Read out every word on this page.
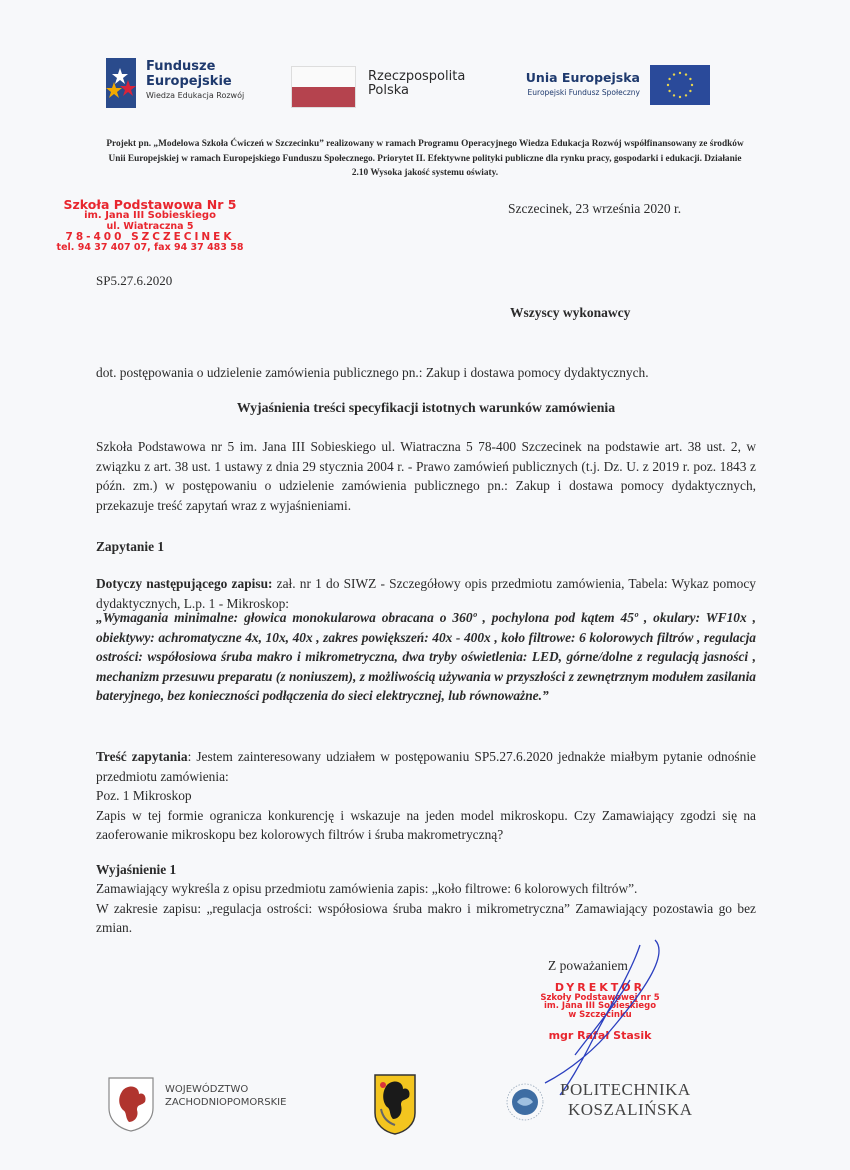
Fundusze
Europejskie
Wiedza Edukacja Rozwój
Rzeczpospolita
Polska
Unia Europejska
Europejski Fundusz Społeczny
Projekt pn. „Modelowa Szkoła Ćwiczeń w Szczecinku” realizowany w ramach Programu Operacyjnego Wiedza Edukacja Rozwój współfinansowany ze środków Unii Europejskiej w ramach Europejskiego Funduszu Społecznego. Priorytet II. Efektywne polityki publiczne dla rynku pracy, gospodarki i edukacji. Działanie 2.10 Wysoka jakość systemu oświaty.
Szkoła Podstawowa Nr 5
im. Jana III Sobieskiego
ul. Wiatraczna 5
78-400 SZCZECINEK
tel. 94 37 407 07, fax 94 37 483 58
SP5.27.6.2020
Szczecinek, 23 września 2020 r.
Wszyscy wykonawcy
dot. postępowania o udzielenie zamówienia publicznego pn.: Zakup i dostawa pomocy dydaktycznych.
Wyjaśnienia treści specyfikacji istotnych warunków zamówienia
Szkoła Podstawowa nr 5 im. Jana III Sobieskiego ul. Wiatraczna 5 78-400 Szczecinek na podstawie art. 38 ust. 2, w związku z art. 38 ust. 1 ustawy z dnia 29 stycznia 2004 r. - Prawo zamówień publicznych (t.j. Dz. U. z 2019 r. poz. 1843 z późn. zm.) w postępowaniu o udzielenie zamówienia publicznego pn.: Zakup i dostawa pomocy dydaktycznych, przekazuje treść zapytań wraz z wyjaśnieniami.
Zapytanie 1
Dotyczy następującego zapisu: zał. nr 1 do SIWZ - Szczegółowy opis przedmiotu zamówienia, Tabela: Wykaz pomocy dydaktycznych, L.p. 1 - Mikroskop:
„Wymagania minimalne: głowica monokularowa obracana o 360º , pochylona pod kątem 45º , okulary: WF10x , obiektywy: achromatyczne 4x, 10x, 40x , zakres powiększeń: 40x - 400x , koło filtrowe: 6 kolorowych filtrów , regulacja ostrości: współosiowa śruba makro i mikrometryczna, dwa tryby oświetlenia: LED, górne/dolne z regulacją jasności , mechanizm przesuwu preparatu (z noniuszem), z możliwością używania w przyszłości z zewnętrznym modułem zasilania bateryjnego, bez konieczności podłączenia do sieci elektrycznej, lub równoważne.”
Treść zapytania: Jestem zainteresowany udziałem w postępowaniu SP5.27.6.2020 jednakże miałbym pytanie odnośnie przedmiotu zamówienia:
Poz. 1 Mikroskop
Zapis w tej formie ogranicza konkurencję i wskazuje na jeden model mikroskopu. Czy Zamawiający zgodzi się na zaoferowanie mikroskopu bez kolorowych filtrów i śruba makrometryczną?
Wyjaśnienie 1
Zamawiający wykreśla z opisu przedmiotu zamówienia zapis: „koło filtrowe: 6 kolorowych filtrów”.
W zakresie zapisu: „regulacja ostrości: współosiowa śruba makro i mikrometryczna” Zamawiający pozostawia go bez zmian.
Z poważaniem
DYREKTOR
Szkoły Podstawowej nr 5
im. Jana III Sobieskiego
w Szczecinku
mgr Rafał Stasik
WOJEWÓDZTWO
ZACHODNIOPOMORSKIE
POLITECHNIKA
KOSZALIŃSKA
